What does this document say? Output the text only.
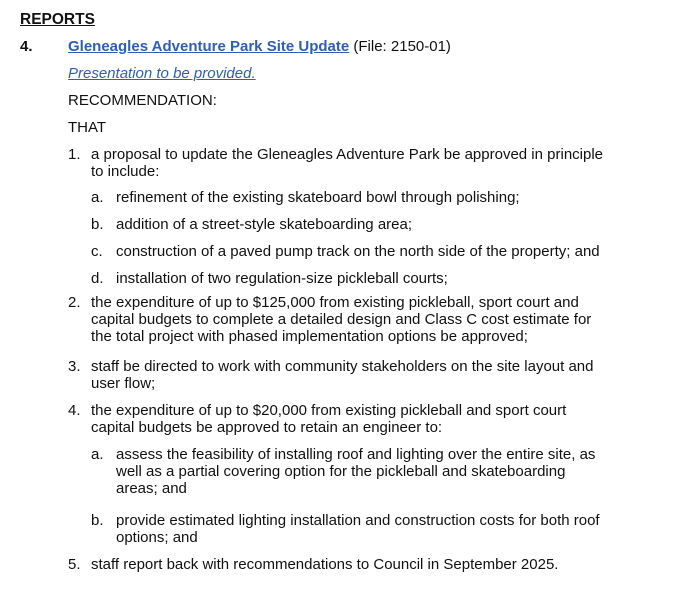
REPORTS
4. Gleneagles Adventure Park Site Update (File: 2150-01)
Presentation to be provided.
RECOMMENDATION:
THAT
1. a proposal to update the Gleneagles Adventure Park be approved in principle
to include:
a. refinement of the existing skateboard bowl through polishing;
b. addition of a street-style skateboarding area;
c. construction of a paved pump track on the north side of the property; and
d. installation of two regulation-size pickleball courts;
2. the expenditure of up to $125,000 from existing pickleball, sport court and
capital budgets to complete a detailed design and Class C cost estimate for
the total project with phased implementation options be approved;
3. staff be directed to work with community stakeholders on the site layout and
user flow;
4. the expenditure of up to $20,000 from existing pickleball and sport court
capital budgets be approved to retain an engineer to:
a. assess the feasibility of installing roof and lighting over the entire site, as
well as a partial covering option for the pickleball and skateboarding
areas; and
b. provide estimated lighting installation and construction costs for both roof
options; and
5. staff report back with recommendations to Council in September 2025.
